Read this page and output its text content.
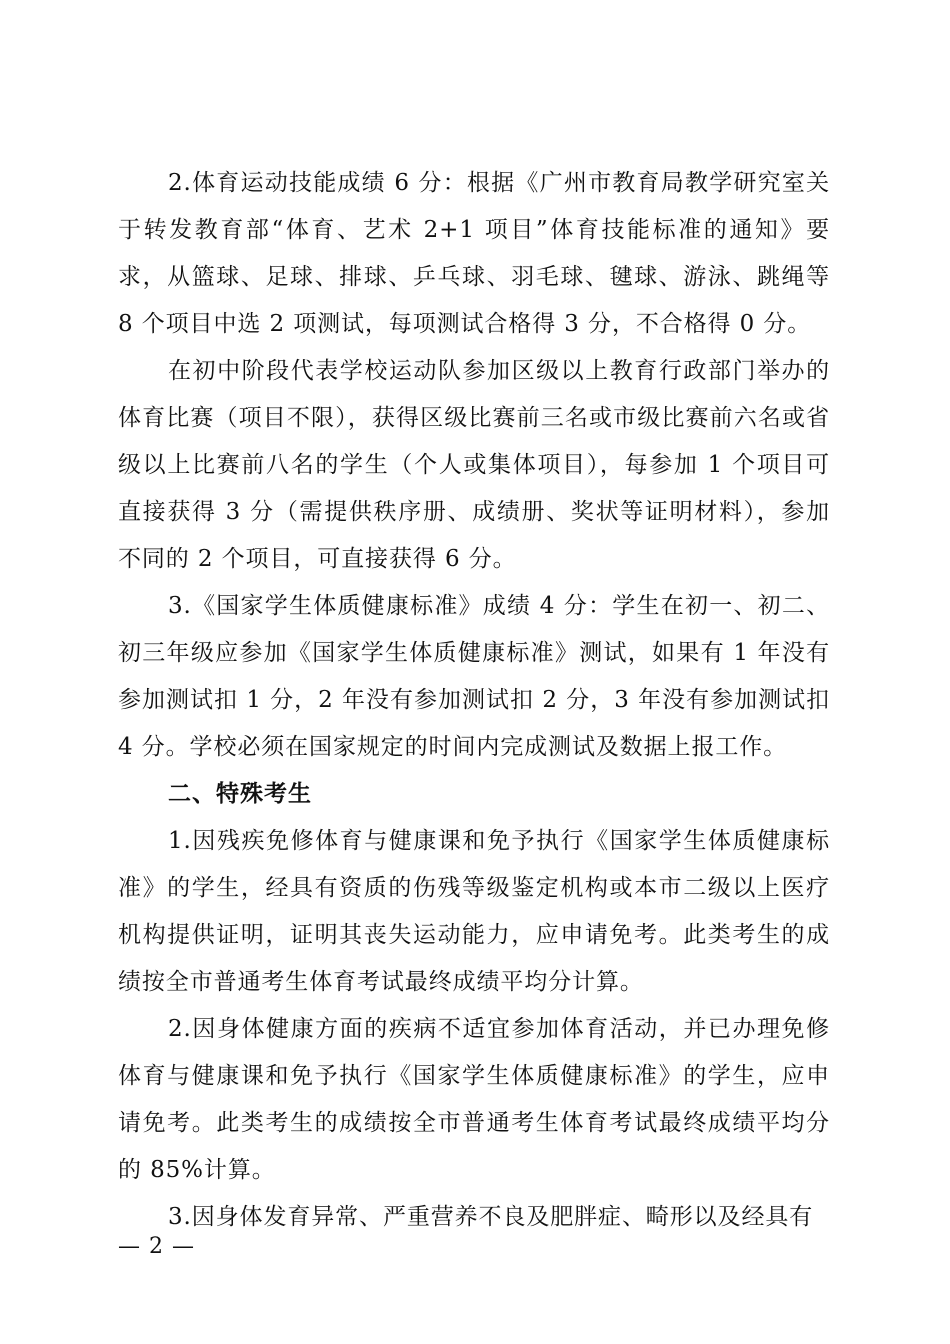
2.体育运动技能成绩 6 分：根据《广州市教育局教学研究室关于转发教育部“体育、艺术 2+1 项目”体育技能标准的通知》要求，从篮球、足球、排球、乒乓球、羽毛球、毽球、游泳、跳绳等 8 个项目中选 2 项测试，每项测试合格得 3 分，不合格得 0 分。

在初中阶段代表学校运动队参加区级以上教育行政部门举办的体育比赛（项目不限），获得区级比赛前三名或市级比赛前六名或省级以上比赛前八名的学生（个人或集体项目），每参加 1 个项目可直接获得 3 分（需提供秩序册、成绩册、奖状等证明材料），参加不同的 2 个项目，可直接获得 6 分。

3.《国家学生体质健康标准》成绩 4 分：学生在初一、初二、初三年级应参加《国家学生体质健康标准》测试，如果有 1 年没有参加测试扣 1 分，2 年没有参加测试扣 2 分，3 年没有参加测试扣 4 分。学校必须在国家规定的时间内完成测试及数据上报工作。

二、特殊考生

1.因残疾免修体育与健康课和免予执行《国家学生体质健康标准》的学生，经具有资质的伤残等级鉴定机构或本市二级以上医疗机构提供证明，证明其丧失运动能力，应申请免考。此类考生的成绩按全市普通考生体育考试最终成绩平均分计算。

2.因身体健康方面的疾病不适宜参加体育活动，并已办理免修体育与健康课和免予执行《国家学生体质健康标准》的学生，应申请免考。此类考生的成绩按全市普通考生体育考试最终成绩平均分的 85%计算。

3.因身体发育异常、严重营养不良及肥胖症、畸形以及经具有

— 2 —
